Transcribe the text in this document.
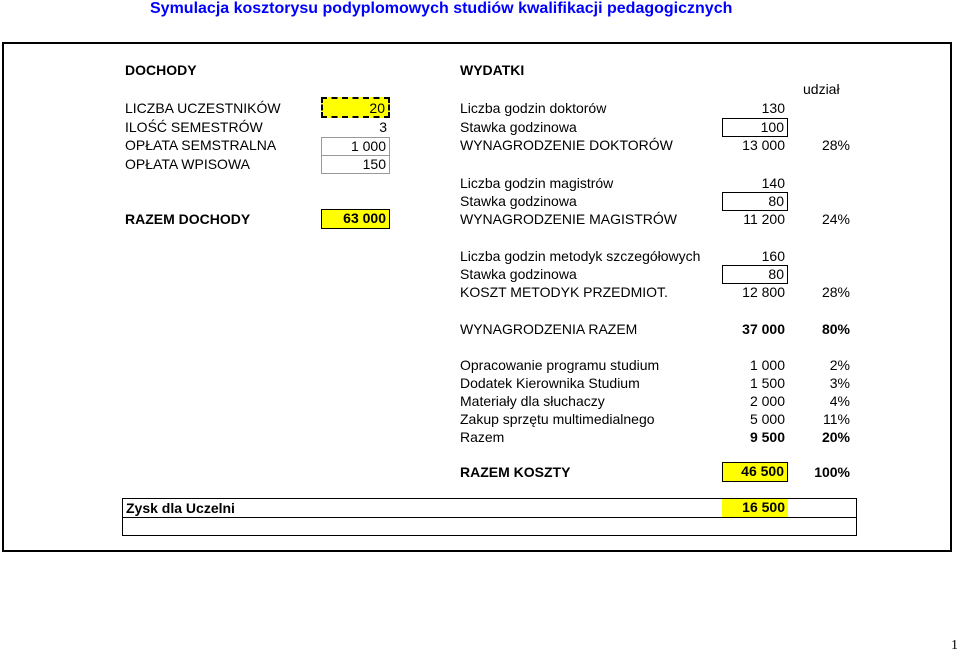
Symulacja kosztorysu podyplomowych studiów kwalifikacji pedagogicznych
DOCHODY
LICZBA UCZESTNIKÓW	20
ILOŚĆ SEMESTRÓW	3
OPŁATA SEMSTRALNA	1 000
OPŁATA WPISOWA	150
RAZEM DOCHODY	63 000
WYDATKI
udział
Liczba godzin doktorów	130
Stawka godzinowa	100
WYNAGRODZENIE DOKTORÓW	13 000	28%
Liczba godzin magistrów	140
Stawka godzinowa	80
WYNAGRODZENIE MAGISTRÓW	11 200	24%
Liczba godzin metodyk szczegółowych	160
Stawka godzinowa	80
KOSZT METODYK PRZEDMIOT.	12 800	28%
WYNAGRODZENIA RAZEM	37 000	80%
Opracowanie programu studium	1 000	2%
Dodatek Kierownika Studium	1 500	3%
Materiały dla słuchaczy	2 000	4%
Zakup sprzętu multimedialnego	5 000	11%
Razem	9 500	20%
RAZEM KOSZTY	46 500	100%
Zysk dla Uczelni	16 500
1
